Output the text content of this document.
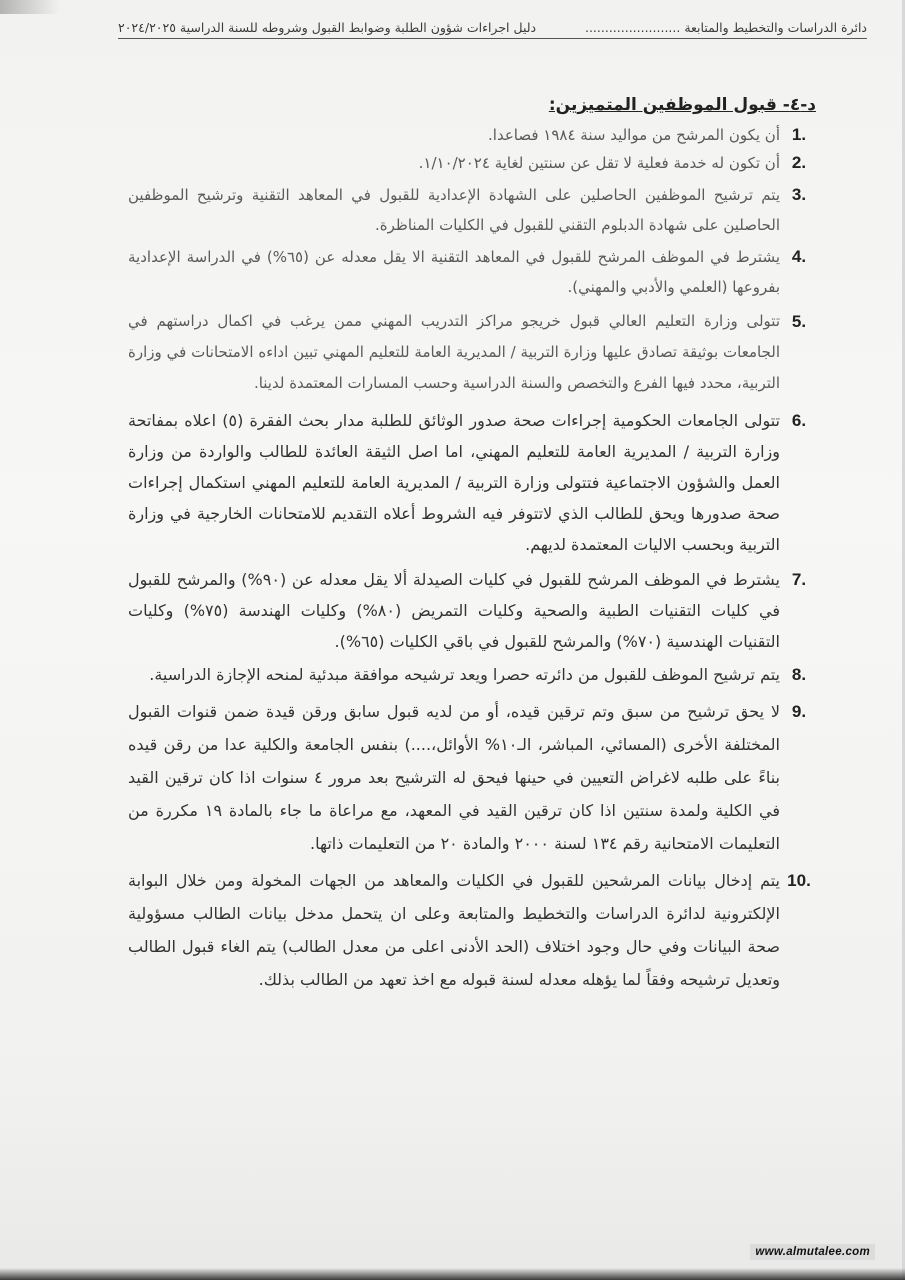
دائرة الدراسات والتخطيط والمتابعة ........................
دليل اجراءات شؤون الطلبة وضوابط القبول وشروطه للسنة الدراسية ٢٠٢٤/٢٠٢٥
د-٤- قبول الموظفين المتميزين:
1.
أن يكون المرشح من مواليد سنة ١٩٨٤ فصاعدا.
2.
أن تكون له خدمة فعلية لا تقل عن سنتين لغاية ١/١٠/٢٠٢٤.
3.
يتم ترشيح الموظفين الحاصلين على الشهادة الإعدادية للقبول في المعاهد التقنية وترشيح الموظفين الحاصلين على شهادة الدبلوم التقني للقبول في الكليات المناظرة.
4.
يشترط في الموظف المرشح للقبول في المعاهد التقنية الا يقل معدله عن (٦٥%) في الدراسة الإعدادية بفروعها (العلمي والأدبي والمهني).
5.
تتولى وزارة التعليم العالي قبول خريجو مراكز التدريب المهني ممن يرغب في اكمال دراستهم في الجامعات بوثيقة تصادق عليها وزارة التربية / المديرية العامة للتعليم المهني تبين اداءه الامتحانات في وزارة التربية، محدد فيها الفرع والتخصص والسنة الدراسية وحسب المسارات المعتمدة لدينا.
6.
تتولى الجامعات الحكومية إجراءات صحة صدور الوثائق للطلبة مدار بحث الفقرة (٥) اعلاه بمفاتحة وزارة التربية / المديرية العامة للتعليم المهني، اما اصل الثيقة العائدة للطالب والواردة من وزارة العمل والشؤون الاجتماعية فتتولى وزارة التربية / المديرية العامة للتعليم المهني استكمال إجراءات صحة صدورها ويحق للطالب الذي لاتتوفر فيه الشروط أعلاه التقديم للامتحانات الخارجية في وزارة التربية وبحسب الاليات المعتمدة لديهم.
7.
يشترط في الموظف المرشح للقبول في كليات الصيدلة ألا يقل معدله عن (٩٠%) والمرشح للقبول في كليات التقنيات الطبية والصحية وكليات التمريض (٨٠%) وكليات الهندسة (٧٥%) وكليات التقنيات الهندسية (٧٠%) والمرشح للقبول في باقي الكليات (٦٥%).
8.
يتم ترشيح الموظف للقبول من دائرته حصرا ويعد ترشيحه موافقة مبدئية لمنحه الإجازة الدراسية.
9.
لا يحق ترشيح من سبق وتم ترقين قيده، أو من لديه قبول سابق ورقن قيدة ضمن قنوات القبول المختلفة الأخرى (المسائي، المباشر، الـ١٠% الأوائل،....) بنفس الجامعة والكلية عدا من رقن قيده بناءً على طلبه لاغراض التعيين في حينها فيحق له الترشيح بعد مرور ٤ سنوات اذا كان ترقين القيد في الكلية ولمدة سنتين اذا كان ترقين القيد في المعهد، مع مراعاة ما جاء بالمادة ١٩ مكررة من التعليمات الامتحانية رقم ١٣٤ لسنة ٢٠٠٠ والمادة ٢٠ من التعليمات ذاتها.
10.
يتم إدخال بيانات المرشحين للقبول في الكليات والمعاهد من الجهات المخولة ومن خلال البوابة الإلكترونية لدائرة الدراسات والتخطيط والمتابعة وعلى ان يتحمل مدخل بيانات الطالب مسؤولية صحة البيانات وفي حال وجود اختلاف (الحد الأدنى اعلى من معدل الطالب) يتم الغاء قبول الطالب وتعديل ترشيحه وفقاً لما يؤهله معدله لسنة قبوله مع اخذ تعهد من الطالب بذلك.
www.almutalee.com
